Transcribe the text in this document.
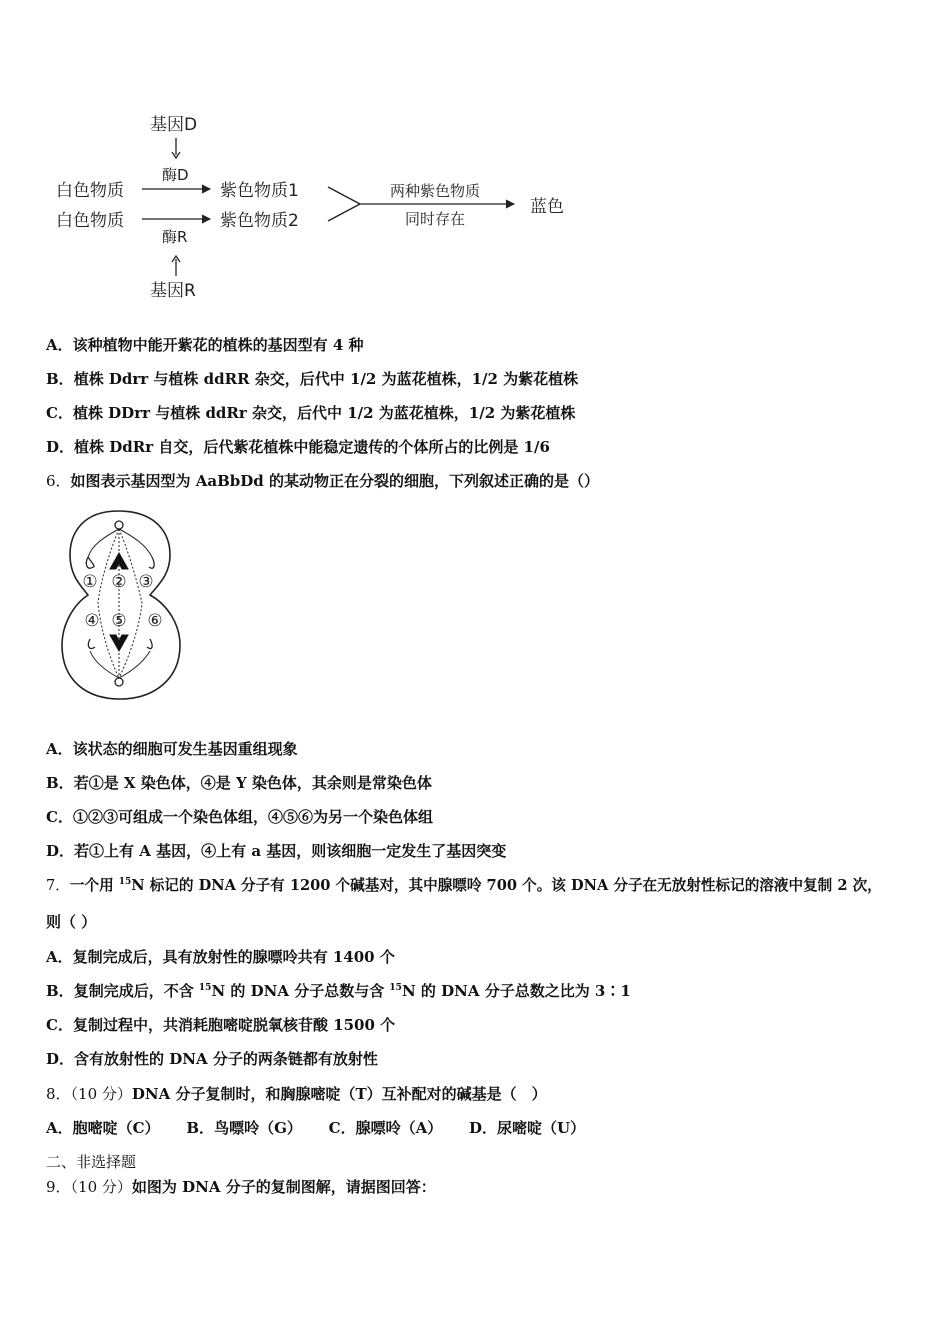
基因D
酶D
白色物质	紫色物质1
白色物质	紫色物质2
酶R
基因R
两种紫色物质
同时存在
蓝色
A．该种植物中能开紫花的植株的基因型有 4 种
B．植株 Ddrr 与植株 ddRR 杂交，后代中 1/2 为蓝花植株，1/2 为紫花植株
C．植株 DDrr 与植株 ddRr 杂交，后代中 1/2 为蓝花植株，1/2 为紫花植株
D．植株 DdRr 自交，后代紫花植株中能稳定遗传的个体所占的比例是 1/6
6．如图表示基因型为 AaBbDd 的某动物正在分裂的细胞，下列叙述正确的是（）
① ② ③
④ ⑤ ⑥
A．该状态的细胞可发生基因重组现象
B．若①是 X 染色体，④是 Y 染色体，其余则是常染色体
C．①②③可组成一个染色体组，④⑤⑥为另一个染色体组
D．若①上有 A 基因，④上有 a 基因，则该细胞一定发生了基因突变
7．一个用 $^{15}$N 标记的 DNA 分子有 1200 个碱基对，其中腺嘌呤 700 个。该 DNA 分子在无放射性标记的溶液中复制 2 次，
则（ ）
A．复制完成后，具有放射性的腺嘌呤共有 1400 个
B．复制完成后，不含 $^{15}$N 的 DNA 分子总数与含 $^{15}$N 的 DNA 分子总数之比为 3∶1
C．复制过程中，共消耗胞嘧啶脱氧核苷酸 1500 个
D．含有放射性的 DNA 分子的两条链都有放射性
8．（10 分）DNA 分子复制时，和胸腺嘧啶（T）互补配对的碱基是（　）
A．胞嘧啶（C） B．鸟嘌呤（G） C．腺嘌呤（A） D．尿嘧啶（U）
二、非选择题
9．（10 分）如图为 DNA 分子的复制图解，请据图回答：
